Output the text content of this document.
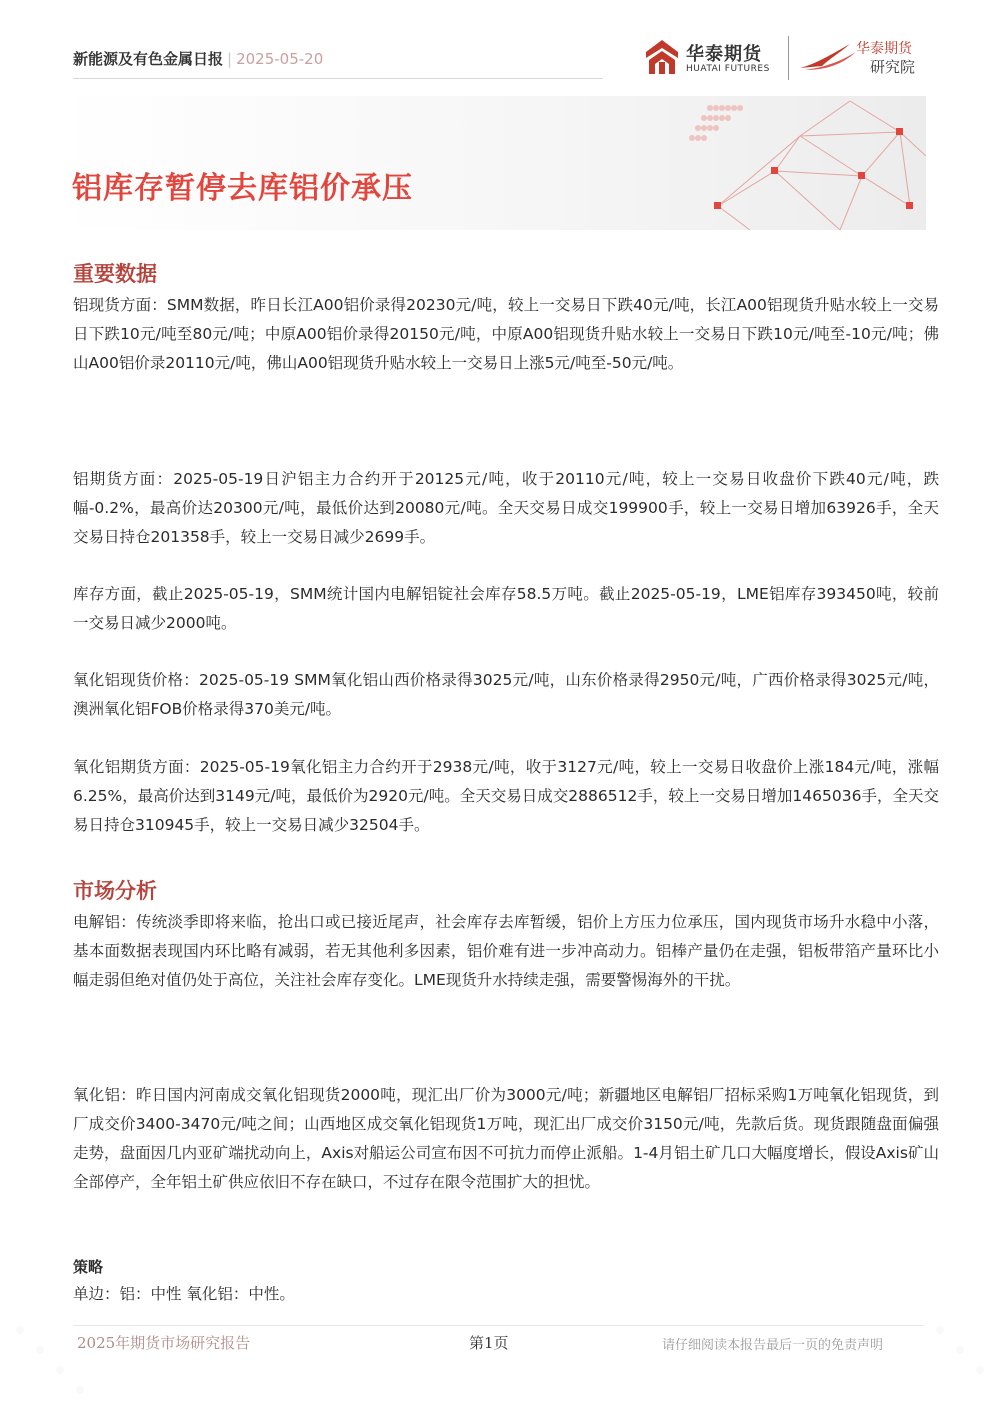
新能源及有色金属日报 | 2025-05-20	华泰期货
HUATAI FUTURES
华泰期货
研究院
铝库存暂停去库铝价承压
重要数据
铝现货方面：SMM数据，昨日长江A00铝价录得20230元/吨，较上一交易日下跌40元/吨，长江A00铝现货升贴水较上一交易日下跌10元/吨至80元/吨；中原A00铝价录得20150元/吨，中原A00铝现货升贴水较上一交易日下跌10元/吨至-10元/吨；佛山A00铝价录20110元/吨，佛山A00铝现货升贴水较上一交易日上涨5元/吨至-50元/吨。
铝期货方面：2025-05-19日沪铝主力合约开于20125元/吨，收于20110元/吨，较上一交易日收盘价下跌40元/吨，跌幅-0.2%，最高价达20300元/吨，最低价达到20080元/吨。全天交易日成交199900手，较上一交易日增加63926手，全天交易日持仓201358手，较上一交易日减少2699手。
库存方面，截止2025-05-19，SMM统计国内电解铝锭社会库存58.5万吨。截止2025-05-19，LME铝库存393450吨，较前一交易日减少2000吨。
氧化铝现货价格：2025-05-19 SMM氧化铝山西价格录得3025元/吨，山东价格录得2950元/吨，广西价格录得3025元/吨，澳洲氧化铝FOB价格录得370美元/吨。
氧化铝期货方面：2025-05-19氧化铝主力合约开于2938元/吨，收于3127元/吨，较上一交易日收盘价上涨184元/吨，涨幅6.25%，最高价达到3149元/吨，最低价为2920元/吨。全天交易日成交2886512手，较上一交易日增加1465036手，全天交易日持仓310945手，较上一交易日减少32504手。
市场分析
电解铝：传统淡季即将来临，抢出口或已接近尾声，社会库存去库暂缓，铝价上方压力位承压，国内现货市场升水稳中小落，基本面数据表现国内环比略有减弱，若无其他利多因素，铝价难有进一步冲高动力。铝棒产量仍在走强，铝板带箔产量环比小幅走弱但绝对值仍处于高位，关注社会库存变化。LME现货升水持续走强，需要警惕海外的干扰。
氧化铝：昨日国内河南成交氧化铝现货2000吨，现汇出厂价为3000元/吨；新疆地区电解铝厂招标采购1万吨氧化铝现货，到厂成交价3400-3470元/吨之间；山西地区成交氧化铝现货1万吨，现汇出厂成交价3150元/吨，先款后货。现货跟随盘面偏强走势，盘面因几内亚矿端扰动向上，Axis对船运公司宣布因不可抗力而停止派船。1-4月铝土矿几口大幅度增长，假设Axis矿山全部停产，全年铝土矿供应依旧不存在缺口，不过存在限令范围扩大的担忧。
策略
单边：铝：中性 氧化铝：中性。
2025年期货市场研究报告	第1页	请仔细阅读本报告最后一页的免责声明
